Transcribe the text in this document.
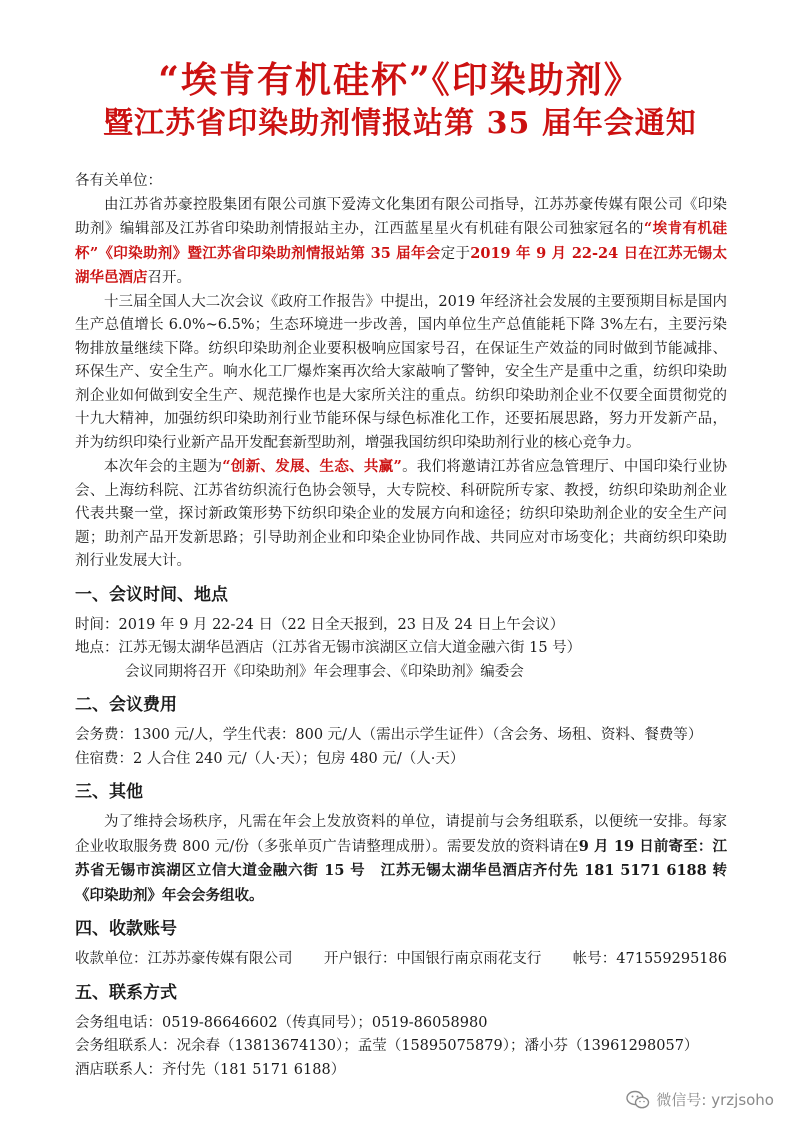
“埃肯有机硅杯”《印染助剂》
暨江苏省印染助剂情报站第 35 届年会通知

各有关单位：

由江苏省苏豪控股集团有限公司旗下爱涛文化集团有限公司指导，江苏苏豪传媒有限公司《印染助剂》编辑部及江苏省印染助剂情报站主办，江西蓝星星火有机硅有限公司独家冠名的“埃肯有机硅杯”《印染助剂》暨江苏省印染助剂情报站第 35 届年会定于2019 年 9 月 22-24 日在江苏无锡太湖华邑酒店召开。

十三届全国人大二次会议《政府工作报告》中提出，2019 年经济社会发展的主要预期目标是国内生产总值增长 6.0%~6.5%；生态环境进一步改善，国内单位生产总值能耗下降 3%左右，主要污染物排放量继续下降。纺织印染助剂企业要积极响应国家号召，在保证生产效益的同时做到节能减排、环保生产、安全生产。响水化工厂爆炸案再次给大家敲响了警钟，安全生产是重中之重，纺织印染助剂企业如何做到安全生产、规范操作也是大家所关注的重点。纺织印染助剂企业不仅要全面贯彻党的十九大精神，加强纺织印染助剂行业节能环保与绿色标准化工作，还要拓展思路，努力开发新产品，并为纺织印染行业新产品开发配套新型助剂，增强我国纺织印染助剂行业的核心竞争力。

本次年会的主题为“创新、发展、生态、共赢”。我们将邀请江苏省应急管理厅、中国印染行业协会、上海纺科院、江苏省纺织流行色协会领导，大专院校、科研院所专家、教授，纺织印染助剂企业代表共聚一堂，探讨新政策形势下纺织印染企业的发展方向和途径；纺织印染助剂企业的安全生产问题；助剂产品开发新思路；引导助剂企业和印染企业协同作战、共同应对市场变化；共商纺织印染助剂行业发展大计。

一、会议时间、地点

时间：2019 年 9 月 22-24 日（22 日全天报到，23 日及 24 日上午会议）

地点：江苏无锡太湖华邑酒店（江苏省无锡市滨湖区立信大道金融六街 15 号）

会议同期将召开《印染助剂》年会理事会、《印染助剂》编委会

二、会议费用

会务费：1300 元/人，学生代表：800 元/人（需出示学生证件）（含会务、场租、资料、餐费等）

住宿费：2 人合住 240 元/（人·天）；包房 480 元/（人·天）

三、其他

为了维持会场秩序，凡需在年会上发放资料的单位，请提前与会务组联系，以便统一安排。每家企业收取服务费 800 元/份（多张单页广告请整理成册）。需要发放的资料请在9 月 19 日前寄至：江苏省无锡市滨湖区立信大道金融六街 15 号　江苏无锡太湖华邑酒店齐付先 181 5171 6188 转《印染助剂》年会会务组收。

四、收款账号

收款单位：江苏苏豪传媒有限公司 开户银行：中国银行南京雨花支行 帐号：471559295186

五、联系方式

会务组电话：0519-86646602（传真同号）；0519-86058980

会务组联系人：况余春（13813674130）；孟莹（15895075879）；潘小芬（13961298057）

酒店联系人：齐付先（181 5171 6188）

微信号: yrzjsoho
